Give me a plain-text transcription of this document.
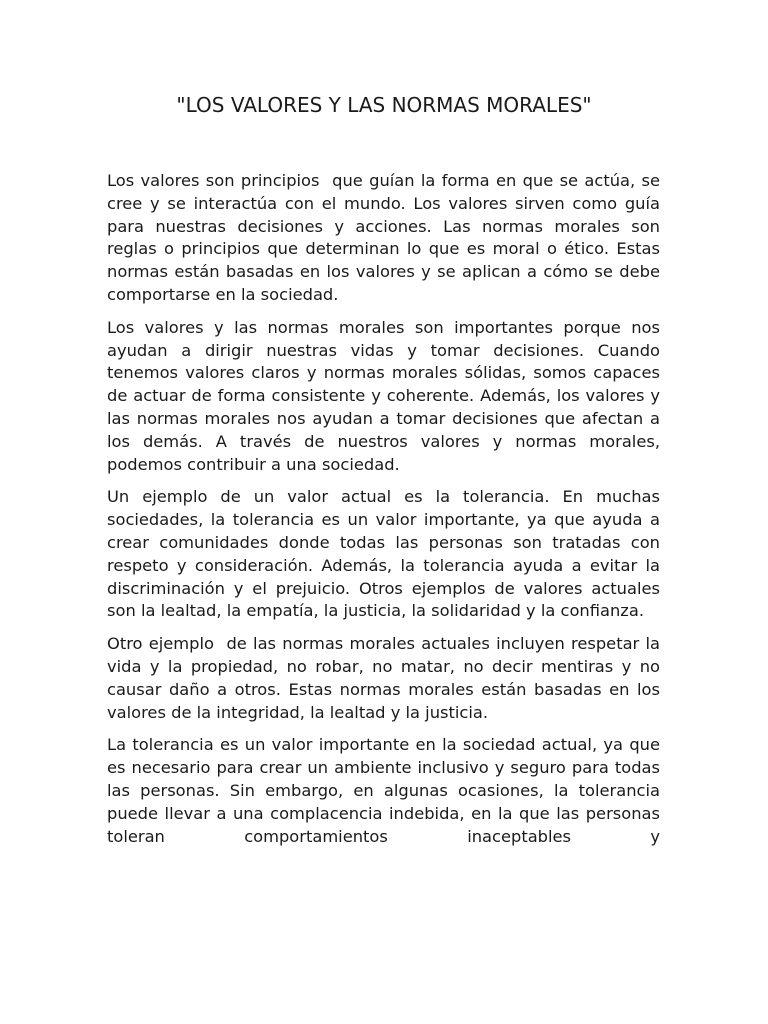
"LOS VALORES Y LAS NORMAS MORALES"

Los valores son principios  que guían la forma en que se actúa, se cree y se interactúa con el mundo. Los valores sirven como guía para nuestras decisiones y acciones. Las normas morales son reglas o principios que determinan lo que es moral o ético. Estas normas están basadas en los valores y se aplican a cómo se debe comportarse en la sociedad.

Los valores y las normas morales son importantes porque nos ayudan a dirigir nuestras vidas y tomar decisiones. Cuando tenemos valores claros y normas morales sólidas, somos capaces de actuar de forma consistente y coherente. Además, los valores y las normas morales nos ayudan a tomar decisiones que afectan a los demás. A través de nuestros valores y normas morales, podemos contribuir a una sociedad.

Un ejemplo de un valor actual es la tolerancia. En muchas sociedades, la tolerancia es un valor importante, ya que ayuda a crear comunidades donde todas las personas son tratadas con respeto y consideración. Además, la tolerancia ayuda a evitar la discriminación y el prejuicio. Otros ejemplos de valores actuales son la lealtad, la empatía, la justicia, la solidaridad y la confianza.

Otro ejemplo  de las normas morales actuales incluyen respetar la vida y la propiedad, no robar, no matar, no decir mentiras y no causar daño a otros. Estas normas morales están basadas en los valores de la integridad, la lealtad y la justicia.

La tolerancia es un valor importante en la sociedad actual, ya que es necesario para crear un ambiente inclusivo y seguro para todas las personas. Sin embargo, en algunas ocasiones, la tolerancia puede llevar a una complacencia indebida, en la que las personas toleran comportamientos inaceptables y
